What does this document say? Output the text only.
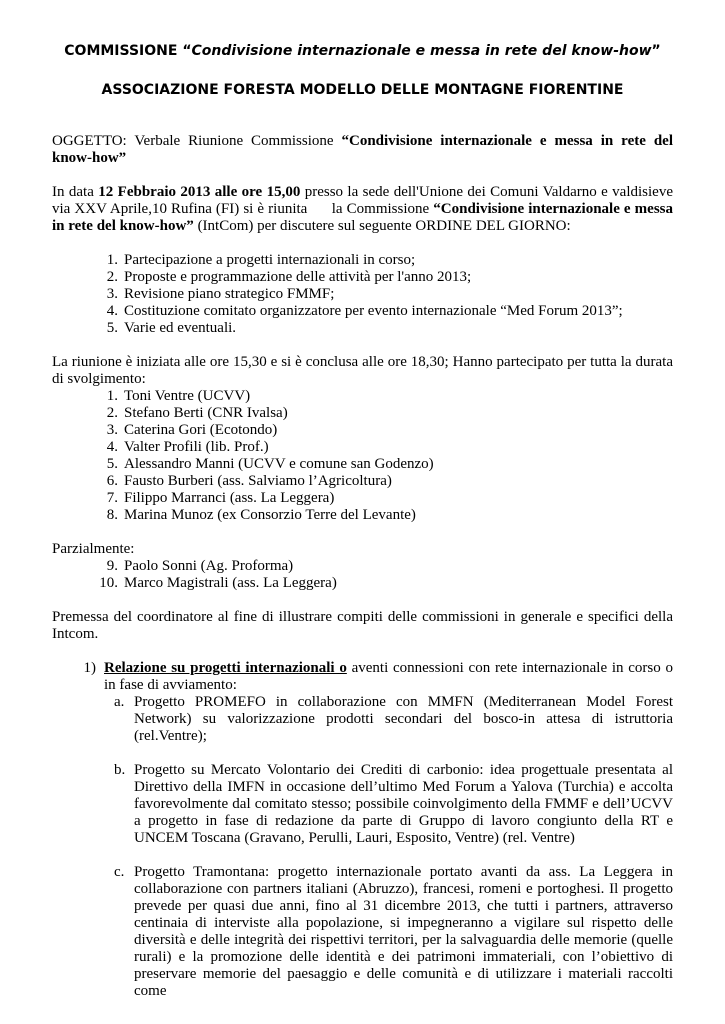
COMMISSIONE “Condivisione internazionale e messa in rete del know-how”
ASSOCIAZIONE FORESTA MODELLO DELLE MONTAGNE FIORENTINE

OGGETTO: Verbale Riunione Commissione “Condivisione internazionale e messa in rete del know-how”

In data 12 Febbraio 2013 alle ore 15,00 presso la sede dell'Unione dei Comuni Valdarno e valdisieve via XXV Aprile,10 Rufina (FI) si è riunita      la Commissione “Condivisione internazionale e messa in rete del know-how” (IntCom) per discutere sul seguente ORDINE DEL GIORNO:

1. Partecipazione a progetti internazionali in corso;
2. Proposte e programmazione delle attività per l'anno 2013;
3. Revisione piano strategico FMMF;
4. Costituzione comitato organizzatore per evento internazionale “Med Forum 2013”;
5. Varie ed eventuali.

La riunione è iniziata alle ore 15,30 e si è conclusa alle ore 18,30; Hanno partecipato per tutta la durata di svolgimento:

1. Toni Ventre (UCVV)
2. Stefano Berti (CNR Ivalsa)
3. Caterina Gori (Ecotondo)
4. Valter Profili (lib. Prof.)
5. Alessandro Manni (UCVV e comune san Godenzo)
6. Fausto Burberi (ass. Salviamo l’Agricoltura)
7. Filippo Marranci (ass. La Leggera)
8. Marina Munoz (ex Consorzio Terre del Levante)

Parzialmente:

9. Paolo Sonni (Ag. Proforma)
10. Marco Magistrali (ass. La Leggera)

Premessa del coordinatore al fine di illustrare compiti delle commissioni in generale e specifici della Intcom.

1) Relazione su progetti internazionali o aventi connessioni con rete internazionale in corso o in fase di avviamento:

a. Progetto PROMEFO in collaborazione con MMFN (Mediterranean Model Forest Network) su valorizzazione prodotti secondari del bosco-in attesa di istruttoria (rel.Ventre);

b. Progetto su Mercato Volontario dei Crediti di carbonio: idea progettuale presentata al Direttivo della IMFN in occasione dell’ultimo Med Forum a Yalova (Turchia) e accolta favorevolmente dal comitato stesso; possibile coinvolgimento della FMMF e dell’UCVV a progetto in fase di redazione da parte di Gruppo di lavoro congiunto della RT e UNCEM Toscana (Gravano, Perulli, Lauri, Esposito, Ventre) (rel. Ventre)

c. Progetto Tramontana: progetto internazionale portato avanti da ass. La Leggera in collaborazione con partners italiani (Abruzzo), francesi, romeni e portoghesi. Il progetto prevede per quasi due anni, fino al 31 dicembre 2013, che tutti i partners, attraverso centinaia di interviste alla popolazione, si impegneranno a vigilare sul rispetto delle diversità e delle integrità dei rispettivi territori, per la salvaguardia delle memorie (quelle rurali) e la promozione delle identità e dei patrimoni immateriali, con l’obiettivo di preservare memorie del paesaggio e delle comunità e di utilizzare i materiali raccolti come
